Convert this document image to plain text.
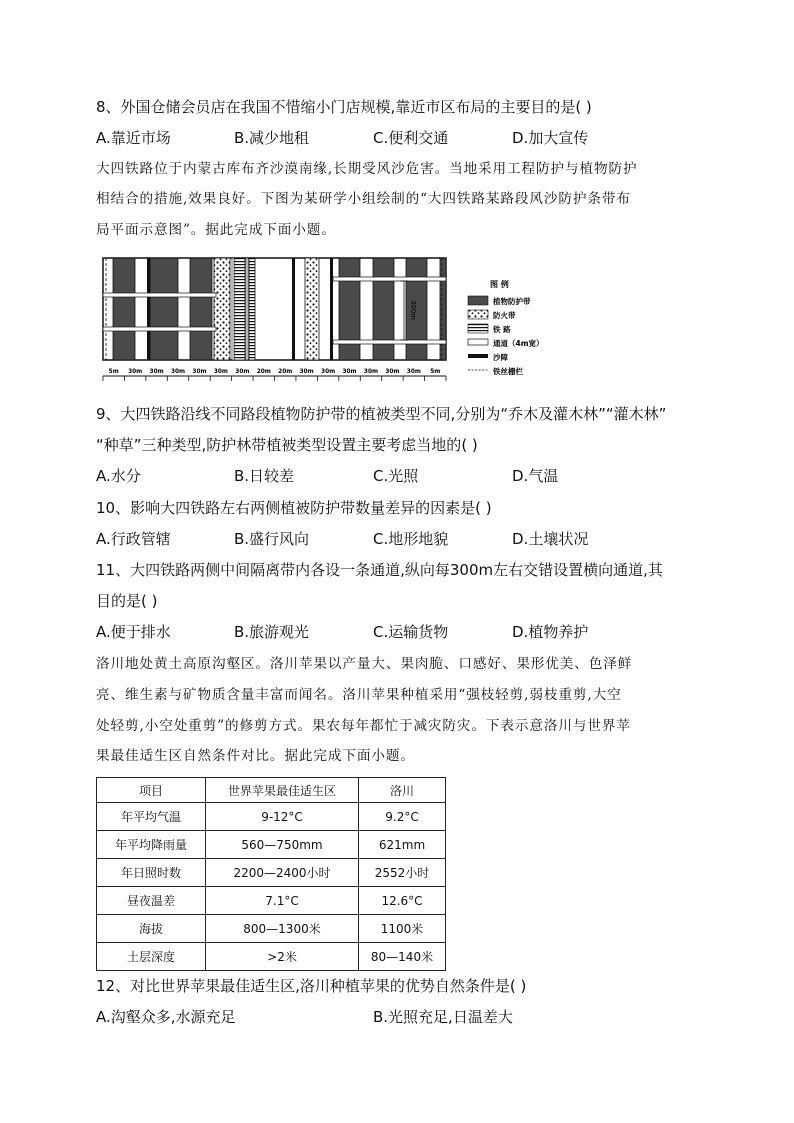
8、外国仓储会员店在我国不惜缩小门店规模,靠近市区布局的主要目的是( )
A.靠近市场	B.减少地租	C.便利交通	D.加大宣传
大四铁路位于内蒙古库布齐沙漠南缘,长期受风沙危害。当地采用工程防护与植物防护
相结合的措施,效果良好。下图为某研学小组绘制的“大四铁路某路段风沙防护条带布
局平面示意图”。据此完成下面小题。
300m
5m 30m 30m 30m 30m 30m 30m 20m 20m 30m 30m 30m 30m 30m 30m 5m
图 例
植物防护带
防火带
铁 路
通道（4m宽）
沙障
铁丝栅栏
9、大四铁路沿线不同路段植物防护带的植被类型不同,分别为“乔木及灌木林”“灌木林”
“种草”三种类型,防护林带植被类型设置主要考虑当地的( )
A.水分	B.日较差	C.光照	D.气温
10、影响大四铁路左右两侧植被防护带数量差异的因素是( )
A.行政管辖	B.盛行风向	C.地形地貌	D.土壤状况
11、大四铁路两侧中间隔离带内各设一条通道,纵向每300m左右交错设置横向通道,其
目的是( )
A.便于排水	B.旅游观光	C.运输货物	D.植物养护
洛川地处黄土高原沟壑区。洛川苹果以产量大、果肉脆、口感好、果形优美、色泽鲜
亮、维生素与矿物质含量丰富而闻名。洛川苹果种植采用“强枝轻剪,弱枝重剪,大空
处轻剪,小空处重剪”的修剪方式。果农每年都忙于减灾防灾。下表示意洛川与世界苹
果最佳适生区自然条件对比。据此完成下面小题。
项目	世界苹果最佳适生区	洛川
年平均气温	9-12°C	9.2°C
年平均降雨量	560—750mm	621mm
年日照时数	2200—2400小时	2552小时
昼夜温差	7.1°C	12.6°C
海拔	800—1300米	1100米
土层深度	>2米	80—140米
12、对比世界苹果最佳适生区,洛川种植苹果的优势自然条件是( )
A.沟壑众多,水源充足	B.光照充足,日温差大
